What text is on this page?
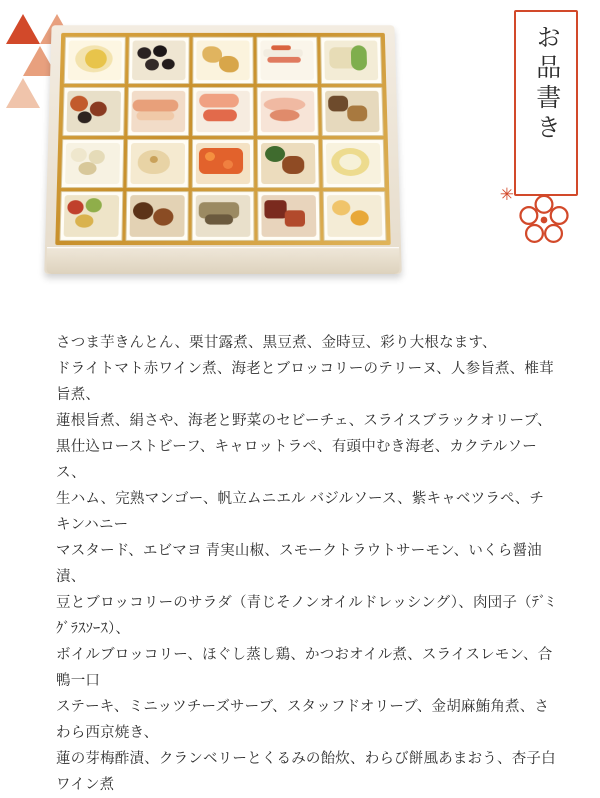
お品書き
✳

さつま芋きんとん、栗甘露煮、黒豆煮、金時豆、彩り大根なます、

ドライトマト赤ワイン煮、海老とブロッコリーのテリーヌ、人参旨煮、椎茸旨煮、

蓮根旨煮、絹さや、海老と野菜のセビーチェ、スライスブラックオリーブ、

黒仕込ローストビーフ、キャロットラペ、有頭中むき海老、カクテルソース、

生ハム、完熟マンゴー、帆立ムニエル バジルソース、紫キャベツラペ、チキンハニー

マスタード、エビマヨ 青実山椒、スモークトラウトサーモン、いくら醤油漬、

豆とブロッコリーのサラダ（青じそノンオイルドレッシング）、肉団子（ﾃﾞﾐｸﾞﾗｽｿｰｽ）、

ボイルブロッコリー、ほぐし蒸し鶏、かつおオイル煮、スライスレモン、合鴨一口

ステーキ、ミニッツチーズサーブ、スタッフドオリーブ、金胡麻鮪角煮、さわら西京焼き、

蓮の芽梅酢漬、クランベリーとくるみの飴炊、わらび餅風あまおう、杏子白ワイン煮
